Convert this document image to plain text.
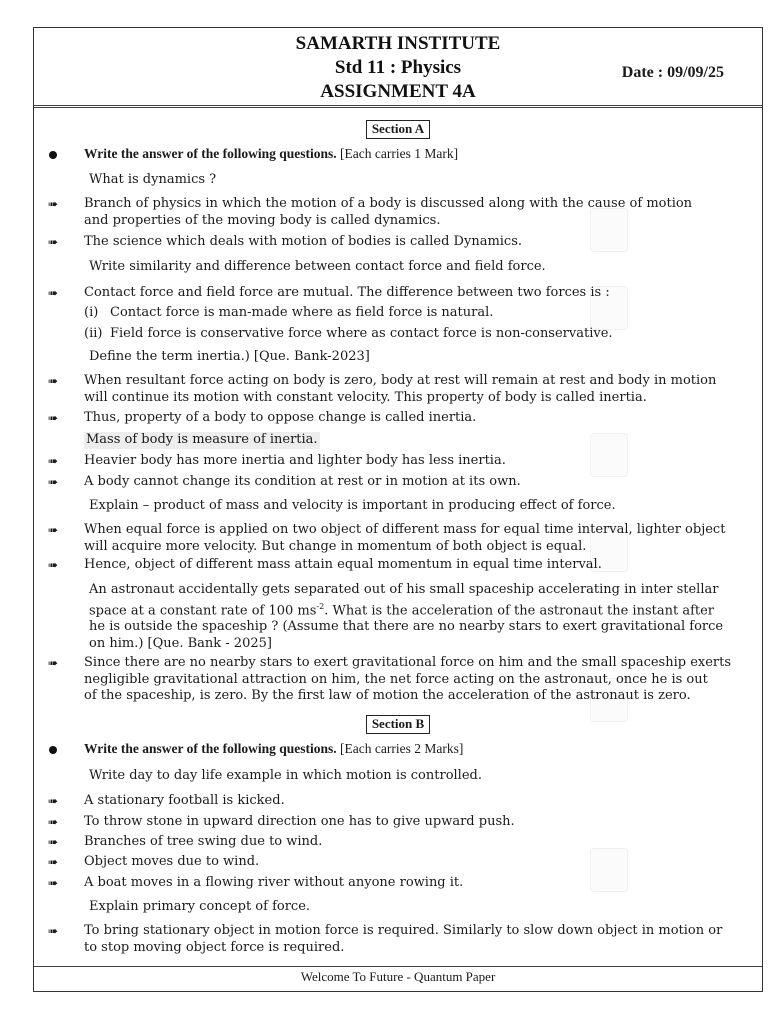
SAMARTH INSTITUTE
Std 11 : Physics
ASSIGNMENT 4A
Date : 09/09/25
Section A
Write the answer of the following questions. [Each carries 1 Mark]
What is dynamics ?
➠	Branch of physics in which the motion of a body is discussed along with the cause of motion
and properties of the moving body is called dynamics.
➠	The science which deals with motion of bodies is called Dynamics.
Write similarity and difference between contact force and field force.
➠	Contact force and field force are mutual. The difference between two forces is :
(i) Contact force is man-made where as field force is natural.
(ii) Field force is conservative force where as contact force is non-conservative.
Define the term inertia.) [Que. Bank-2023]
➠	When resultant force acting on body is zero, body at rest will remain at rest and body in motion
will continue its motion with constant velocity. This property of body is called inertia.
➠	Thus, property of a body to oppose change is called inertia.
Mass of body is measure of inertia.
➠	Heavier body has more inertia and lighter body has less inertia.
➠	A body cannot change its condition at rest or in motion at its own.
Explain – product of mass and velocity is important in producing effect of force.
➠	When equal force is applied on two object of different mass for equal time interval, lighter object
will acquire more velocity. But change in momentum of both object is equal.
➠	Hence, object of different mass attain equal momentum in equal time interval.
An astronaut accidentally gets separated out of his small spaceship accelerating in inter stellar
space at a constant rate of 100 $ms^{-2}$. What is the acceleration of the astronaut the instant after
he is outside the spaceship ? (Assume that there are no nearby stars to exert gravitational force
on him.) [Que. Bank - 2025]
➠	Since there are no nearby stars to exert gravitational force on him and the small spaceship exerts
negligible gravitational attraction on him, the net force acting on the astronaut, once he is out
of the spaceship, is zero. By the first law of motion the acceleration of the astronaut is zero.
Section B
Write the answer of the following questions. [Each carries 2 Marks]
Write day to day life example in which motion is controlled.
➠	A stationary football is kicked.
➠	To throw stone in upward direction one has to give upward push.
➠	Branches of tree swing due to wind.
➠	Object moves due to wind.
➠	A boat moves in a flowing river without anyone rowing it.
Explain primary concept of force.
➠	To bring stationary object in motion force is required. Similarly to slow down object in motion or
to stop moving object force is required.
Welcome To Future - Quantum Paper
